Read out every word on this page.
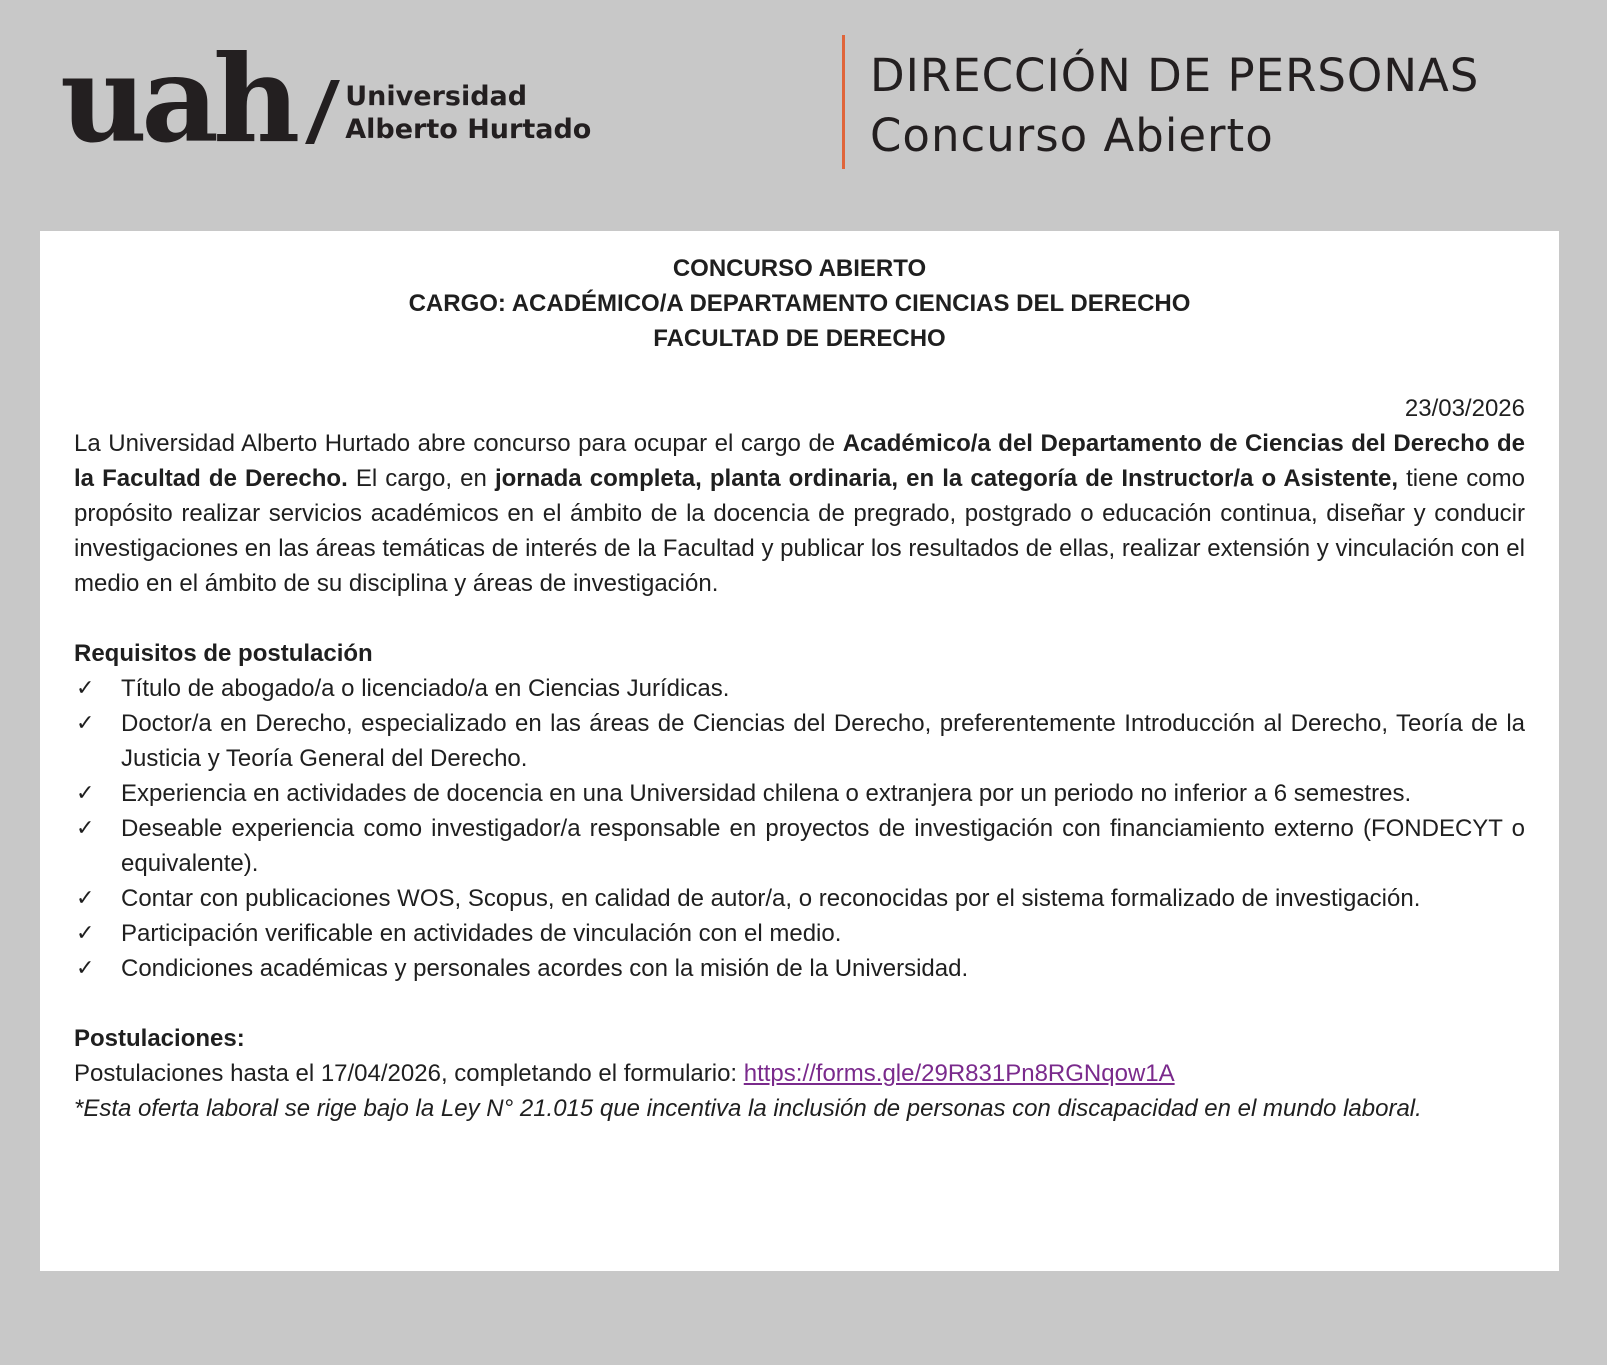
uah Universidad
Alberto Hurtado
DIRECCIÓN DE PERSONAS
Concurso Abierto
CONCURSO ABIERTO
CARGO: ACADÉMICO/A DEPARTAMENTO CIENCIAS DEL DERECHO
FACULTAD DE DERECHO
23/03/2026

La Universidad Alberto Hurtado abre concurso para ocupar el cargo de Académico/a del Departamento de Ciencias del Derecho de la Facultad de Derecho. El cargo, en jornada completa, planta ordinaria, en la categoría de Instructor/a o Asistente, tiene como propósito realizar servicios académicos en el ámbito de la docencia de pregrado, postgrado o educación continua, diseñar y conducir investigaciones en las áreas temáticas de interés de la Facultad y publicar los resultados de ellas, realizar extensión y vinculación con el medio en el ámbito de su disciplina y áreas de investigación.

Requisitos de postulación
✓ Título de abogado/a o licenciado/a en Ciencias Jurídicas.
✓ Doctor/a en Derecho, especializado en las áreas de Ciencias del Derecho, preferentemente Introducción al Derecho, Teoría de la Justicia y Teoría General del Derecho.
✓ Experiencia en actividades de docencia en una Universidad chilena o extranjera por un periodo no inferior a 6 semestres.
✓ Deseable experiencia como investigador/a responsable en proyectos de investigación con financiamiento externo (FONDECYT o equivalente).
✓ Contar con publicaciones WOS, Scopus, en calidad de autor/a, o reconocidas por el sistema formalizado de investigación.
✓ Participación verificable en actividades de vinculación con el medio.
✓ Condiciones académicas y personales acordes con la misión de la Universidad.
Postulaciones:
Postulaciones hasta el 17/04/2026, completando el formulario: https://forms.gle/29R831Pn8RGNqow1A

*Esta oferta laboral se rige bajo la Ley N° 21.015 que incentiva la inclusión de personas con discapacidad en el mundo laboral.
